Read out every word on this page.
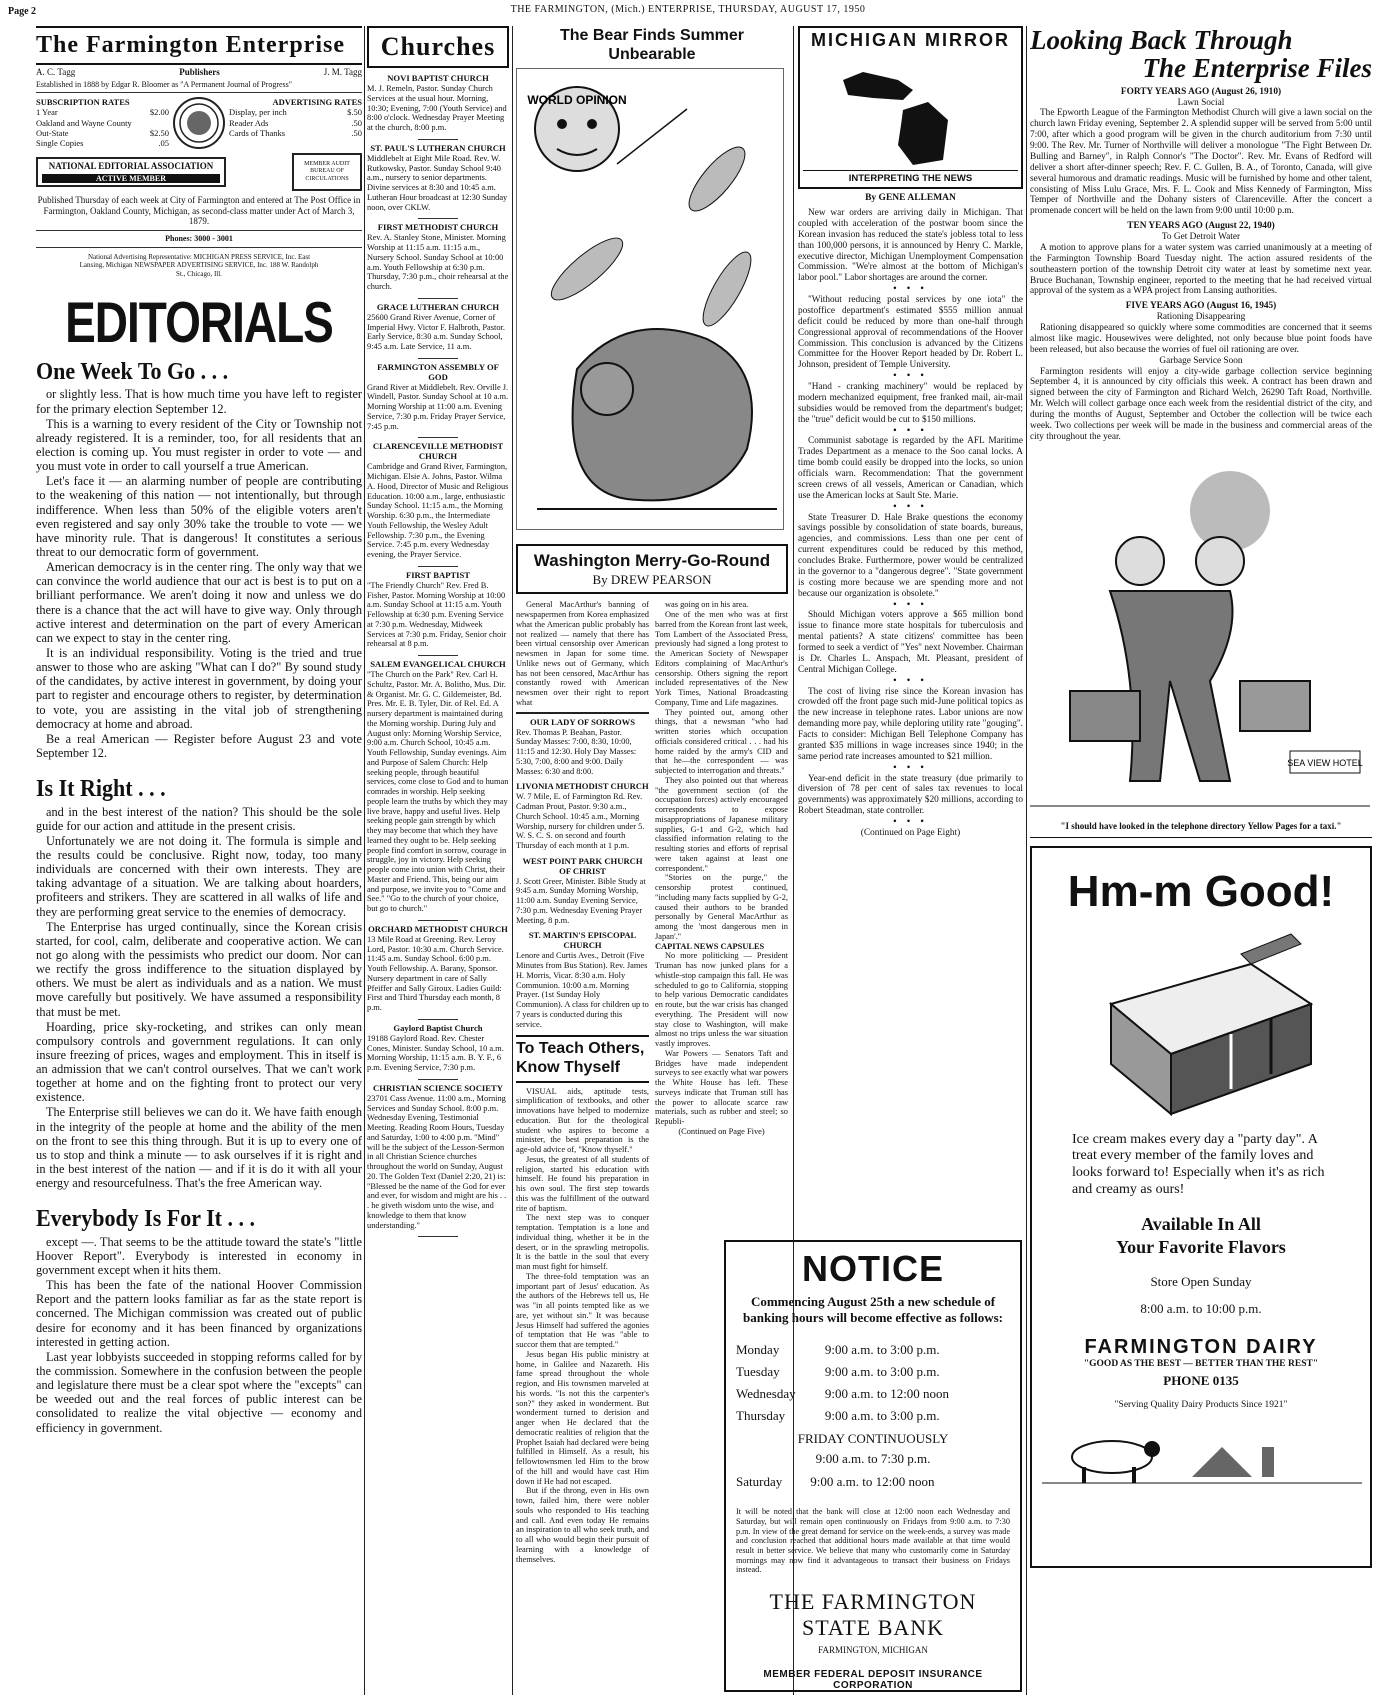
Page 2	THE FARMINGTON, (Mich.) ENTERPRISE, THURSDAY, AUGUST 17, 1950
The Farmington Enterprise
A. C. Tagg	Publishers	J. M. Tagg
Established in 1888 by Edgar R. Bloomer as "A Permanent Journal of Progress"
SUBSCRIPTION RATES
1 Year	$2.00
Oakland and Wayne County
Out-State	$2.50
Single Copies	.05
ADVERTISING RATES
Display, per inch	$.50
Reader Ads	.50
Cards of Thanks	.50
NATIONAL EDITORIAL ASSOCIATION
ACTIVE MEMBER
MEMBER AUDIT BUREAU OF CIRCULATIONS
Published Thursday of each week at City of Farmington and entered at The Post Office in Farmington, Oakland County, Michigan, as second-class matter under Act of March 3, 1879.
Phones: 3000 - 3001
National Advertising Representative: MICHIGAN PRESS SERVICE, Inc. East Lansing, Michigan NEWSPAPER ADVERTISING SERVICE, Inc. 188 W. Randolph St., Chicago, Ill.
EDITORIALS
One Week To Go . . .

or slightly less. That is how much time you have left to register for the primary election September 12.

This is a warning to every resident of the City or Township not already registered. It is a reminder, too, for all residents that an election is coming up. You must register in order to vote — and you must vote in order to call yourself a true American.

Let's face it — an alarming number of people are contributing to the weakening of this nation — not intentionally, but through indifference. When less than 50% of the eligible voters aren't even registered and say only 30% take the trouble to vote — we have minority rule. That is dangerous! It constitutes a serious threat to our democratic form of government.

American democracy is in the center ring. The only way that we can convince the world audience that our act is best is to put on a brilliant performance. We aren't doing it now and unless we do there is a chance that the act will have to give way. Only through active interest and determination on the part of every American can we expect to stay in the center ring.

It is an individual responsibility. Voting is the tried and true answer to those who are asking "What can I do?" By sound study of the candidates, by active interest in government, by doing your part to register and encourage others to register, by determination to vote, you are assisting in the vital job of strengthening democracy at home and abroad.

Be a real American — Register before August 23 and vote September 12.

Is It Right . . .

and in the best interest of the nation? This should be the sole guide for our action and attitude in the present crisis.

Unfortunately we are not doing it. The formula is simple and the results could be conclusive. Right now, today, too many individuals are concerned with their own interests. They are taking advantage of a situation. We are talking about hoarders, profiteers and strikers. They are scattered in all walks of life and they are performing great service to the enemies of democracy.

The Enterprise has urged continually, since the Korean crisis started, for cool, calm, deliberate and cooperative action. We can not go along with the pessimists who predict our doom. Nor can we rectify the gross indifference to the situation displayed by others. We must be alert as individuals and as a nation. We must move carefully but positively. We have assumed a responsibility that must be met.

Hoarding, price sky-rocketing, and strikes can only mean compulsory controls and government regulations. It can only insure freezing of prices, wages and employment. This in itself is an admission that we can't control ourselves. That we can't work together at home and on the fighting front to protect our very existence.

The Enterprise still believes we can do it. We have faith enough in the integrity of the people at home and the ability of the men on the front to see this thing through. But it is up to every one of us to stop and think a minute — to ask ourselves if it is right and in the best interest of the nation — and if it is do it with all your energy and resourcefulness. That's the free American way.

Everybody Is For It . . .

except —. That seems to be the attitude toward the state's "little Hoover Report". Everybody is interested in economy in government except when it hits them.

This has been the fate of the national Hoover Commission Report and the pattern looks familiar as far as the state report is concerned. The Michigan commission was created out of public desire for economy and it has been financed by organizations interested in getting action.

Last year lobbyists succeeded in stopping reforms called for by the commission. Somewhere in the confusion between the people and legislature there must be a clear spot where the "excepts" can be weeded out and the real forces of public interest can be consolidated to realize the vital objective — economy and efficiency in government.

Churches
NOVI BAPTIST CHURCH
M. J. Remeln, Pastor. Sunday Church Services at the usual hour. Morning, 10:30; Evening, 7:00 (Youth Service) and 8:00 o'clock. Wednesday Prayer Meeting at the church, 8:00 p.m.
ST. PAUL'S LUTHERAN CHURCH
Middlebelt at Eight Mile Road. Rev. W. Rutkowsky, Pastor. Sunday School 9:40 a.m., nursery to senior departments. Divine services at 8:30 and 10:45 a.m. Lutheran Hour broadcast at 12:30 Sunday noon, over CKLW.
FIRST METHODIST CHURCH
Rev. A. Stanley Stone, Minister. Morning Worship at 11:15 a.m. 11:15 a.m., Nursery School. Sunday School at 10:00 a.m. Youth Fellowship at 6:30 p.m. Thursday, 7:30 p.m., choir rehearsal at the church.
GRACE LUTHERAN CHURCH
25600 Grand River Avenue, Corner of Imperial Hwy. Victor F. Halbroth, Pastor. Early Service, 8:30 a.m. Sunday School, 9:45 a.m. Late Service, 11 a.m.
FARMINGTON ASSEMBLY OF GOD
Grand River at Middlebelt. Rev. Orville J. Windell, Pastor. Sunday School at 10 a.m. Morning Worship at 11:00 a.m. Evening Service, 7:30 p.m. Friday Prayer Service, 7:45 p.m.
CLARENCEVILLE METHODIST CHURCH
Cambridge and Grand River, Farmington, Michigan. Elsie A. Johns, Pastor. Wilma A. Hood, Director of Music and Religious Education. 10:00 a.m., large, enthusiastic Sunday School. 11:15 a.m., the Morning Worship. 6:30 p.m., the Intermediate Youth Fellowship, the Wesley Adult Fellowship. 7:30 p.m., the Evening Service. 7:45 p.m. every Wednesday evening, the Prayer Service.
FIRST BAPTIST
"The Friendly Church" Rev. Fred B. Fisher, Pastor. Morning Worship at 10:00 a.m. Sunday School at 11:15 a.m. Youth Fellowship at 6:30 p.m. Evening Service at 7:30 p.m. Wednesday, Midweek Services at 7:30 p.m. Friday, Senior choir rehearsal at 8 p.m.
SALEM EVANGELICAL CHURCH
"The Church on the Park" Rev. Carl H. Schultz, Pastor. Mr. A. Bolitho, Mus. Dir. & Organist. Mr. G. C. Gildemeister, Bd. Pres. Mr. E. B. Tyler, Dir. of Rel. Ed. A nursery department is maintained during the Morning worship. During July and August only: Morning Worship Service, 9:00 a.m. Church School, 10:45 a.m. Youth Fellowship, Sunday evenings. Aim and Purpose of Salem Church: Help seeking people, through beautiful services, come close to God and to human comrades in worship. Help seeking people learn the truths by which they may live brave, happy and useful lives. Help seeking people gain strength by which they may become that which they have learned they ought to be. Help seeking people find comfort in sorrow, courage in struggle, joy in victory. Help seeking people come into union with Christ, their Master and Friend. This, being our aim and purpose, we invite you to "Come and See." "Go to the church of your choice, but go to church."
ORCHARD METHODIST CHURCH
13 Mile Road at Greening. Rev. Leroy Lord, Pastor. 10:30 a.m. Church Service. 11:45 a.m. Sunday School. 6:00 p.m. Youth Fellowship. A. Barany, Sponsor. Nursery department in care of Sally Pfeiffer and Sally Giroux. Ladies Guild: First and Third Thursday each month, 8 p.m.
Gaylord Baptist Church
19188 Gaylord Road. Rev. Chester Cones, Minister. Sunday School, 10 a.m. Morning Worship, 11:15 a.m. B. Y. F., 6 p.m. Evening Service, 7:30 p.m.
CHRISTIAN SCIENCE SOCIETY
23701 Cass Avenue. 11:00 a.m., Morning Services and Sunday School. 8:00 p.m. Wednesday Evening, Testimonial Meeting. Reading Room Hours, Tuesday and Saturday, 1:00 to 4:00 p.m. "Mind" will be the subject of the Lesson-Sermon in all Christian Science churches throughout the world on Sunday, August 20. The Golden Text (Daniel 2:20, 21) is: "Blessed be the name of the God for ever and ever, for wisdom and might are his . . . he giveth wisdom unto the wise, and knowledge to them that know understanding."
The Bear Finds Summer Unbearable
WORLD OPINION
Washington Merry-Go-Round
By DREW PEARSON

General MacArthur's banning of newspapermen from Korea emphasized what the American public probably has not realized — namely that there has been virtual censorship over American newsmen in Japan for some time. Unlike news out of Germany, which has not been censored, MacArthur has constantly rowed with American newsmen over their right to report what

OUR LADY OF SORROWS
Rev. Thomas P. Beahan, Pastor. Sunday Masses: 7:00, 8:30, 10:00, 11:15 and 12:30. Holy Day Masses: 5:30, 7:00, 8:00 and 9:00. Daily Masses: 6:30 and 8:00.
LIVONIA METHODIST CHURCH
W. 7 Mile, E. of Farmington Rd. Rev. Cadman Prout, Pastor. 9:30 a.m., Church School. 10:45 a.m., Morning Worship, nursery for children under 5. W. S. C. S. on second and fourth Thursday of each month at 1 p.m.
WEST POINT PARK CHURCH OF CHRIST
J. Scott Greer, Minister. Bible Study at 9:45 a.m. Sunday Morning Worship, 11:00 a.m. Sunday Evening Service, 7:30 p.m. Wednesday Evening Prayer Meeting, 8 p.m.
ST. MARTIN'S EPISCOPAL CHURCH
Lenore and Curtis Aves., Detroit (Five Minutes from Bus Station). Rev. James H. Morris, Vicar. 8:30 a.m. Holy Communion. 10:00 a.m. Morning Prayer. (1st Sunday Holy Communion). A class for children up to 7 years is conducted during this service.
To Teach Others, Know Thyself

VISUAL aids, aptitude tests, simplification of textbooks, and other innovations have helped to modernize education. But for the theological student who aspires to become a minister, the best preparation is the age-old advice of, "Know thyself."

Jesus, the greatest of all students of religion, started his education with himself. He found his preparation in his own soul. The first step towards this was the fulfillment of the outward rite of baptism.

The next step was to conquer temptation. Temptation is a lone and individual thing, whether it be in the desert, or in the sprawling metropolis. It is the battle in the soul that every man must fight for himself.

The three-fold temptation was an important part of Jesus' education. As the authors of the Hebrews tell us, He was "in all points tempted like as we are, yet without sin." It was because Jesus Himself had suffered the agonies of temptation that He was "able to succor them that are tempted."

Jesus began His public ministry at home, in Galilee and Nazareth. His fame spread throughout the whole region, and His townsmen marveled at his words. "Is not this the carpenter's son?" they asked in wonderment. But wonderment turned to derision and anger when He declared that the democratic realities of religion that the Prophet Isaiah had declared were being fulfilled in Himself. As a result, his fellowtownsmen led Him to the brow of the hill and would have cast Him down if He had not escaped.

But if the throng, even in His own town, failed him, there were nobler souls who responded to His teaching and call. And even today He remains an inspiration to all who seek truth, and to all who would begin their pursuit of learning with a knowledge of themselves.

was going on in his area.

One of the men who was at first barred from the Korean front last week, Tom Lambert of the Associated Press, previously had signed a long protest to the American Society of Newspaper Editors complaining of MacArthur's censorship. Others signing the report included representatives of the New York Times, National Broadcasting Company, Time and Life magazines.

They pointed out, among other things, that a newsman "who had written stories which occupation officials considered critical . . . had his home raided by the army's CID and that he—the correspondent — was subjected to interrogation and threats."

They also pointed out that whereas "the government section (of the occupation forces) actively encouraged correspondents to expose misappropriations of Japanese military supplies, G-1 and G-2, which had classified information relating to the resulting stories and efforts of reprisal were taken against at least one correspondent."

"Stories on the purge," the censorship protest continued, "including many facts supplied by G-2, caused their authors to be branded personally by General MacArthur as among the 'most dangerous men in Japan'."

CAPITAL NEWS CAPSULES

No more politicking — President Truman has now junked plans for a whistle-stop campaign this fall. He was scheduled to go to California, stopping to help various Democratic candidates en route, but the war crisis has changed everything. The President will now stay close to Washington, will make almost no trips unless the war situation vastly improves.

War Powers — Senators Taft and Bridges have made independent surveys to see exactly what war powers the White House has left. These surveys indicate that Truman still has the power to allocate scarce raw materials, such as rubber and steel; so Republi-

(Continued on Page Five)
MICHIGAN MIRROR
INTERPRETING THE NEWS
By GENE ALLEMAN

New war orders are arriving daily in Michigan. That coupled with acceleration of the postwar boom since the Korean invasion has reduced the state's jobless total to less than 100,000 persons, it is announced by Henry C. Markle, executive director, Michigan Unemployment Compensation Commission. "We're almost at the bottom of Michigan's labor pool." Labor shortages are around the corner.

• • •

"Without reducing postal services by one iota" the postoffice department's estimated $555 million annual deficit could be reduced by more than one-half through Congressional approval of recommendations of the Hoover Commission. This conclusion is advanced by the Citizens Committee for the Hoover Report headed by Dr. Robert L. Johnson, president of Temple University.

• • •

"Hand - cranking machinery" would be replaced by modern mechanized equipment, free franked mail, air-mail subsidies would be removed from the department's budget; the "true" deficit would be cut to $150 millions.

• • •

Communist sabotage is regarded by the AFL Maritime Trades Department as a menace to the Soo canal locks. A time bomb could easily be dropped into the locks, so union officials warn. Recommendation: That the government screen crews of all vessels, American or Canadian, which use the American locks at Sault Ste. Marie.

• • •

State Treasurer D. Hale Brake questions the economy savings possible by consolidation of state boards, bureaus, agencies, and commissions. Less than one per cent of current expenditures could be reduced by this method, concludes Brake. Furthermore, power would be centralized in the governor to a "dangerous degree". "State government is costing more because we are spending more and not because our organization is obsolete."

• • •

Should Michigan voters approve a $65 million bond issue to finance more state hospitals for tuberculosis and mental patients? A state citizens' committee has been formed to seek a verdict of "Yes" next November. Chairman is Dr. Charles L. Anspach, Mt. Pleasant, president of Central Michigan College.

• • •

The cost of living rise since the Korean invasion has crowded off the front page such mid-June political topics as the new increase in telephone rates. Labor unions are now demanding more pay, while deploring utility rate "gouging". Facts to consider: Michigan Bell Telephone Company has granted $35 millions in wage increases since 1940; in the same period rate increases amounted to $21 million.

• • •

Year-end deficit in the state treasury (due primarily to diversion of 78 per cent of sales tax revenues to local governments) was approximately $20 millions, according to Robert Steadman, state controller.

• • •
(Continued on Page Eight)
NOTICE
Commencing August 25th a new schedule of banking hours will become effective as follows:
Monday	9:00 a.m. to 3:00 p.m.
Tuesday	9:00 a.m. to 3:00 p.m.
Wednesday	9:00 a.m. to 12:00 noon
Thursday	9:00 a.m. to 3:00 p.m.
FRIDAY CONTINUOUSLY
9:00 a.m. to 7:30 p.m.
Saturday	9:00 a.m. to 12:00 noon
It will be noted that the bank will close at 12:00 noon each Wednesday and Saturday, but will remain open continuously on Fridays from 9:00 a.m. to 7:30 p.m. In view of the great demand for service on the week-ends, a survey was made and conclusion reached that additional hours made available at that time would result in better service. We believe that many who customarily come in Saturday mornings may now find it advantageous to transact their business on Fridays instead.
THE FARMINGTON STATE BANK
FARMINGTON, MICHIGAN
MEMBER FEDERAL DEPOSIT INSURANCE CORPORATION
Looking Back Through
The Enterprise Files
FORTY YEARS AGO (August 26, 1910)
Lawn Social

The Epworth League of the Farmington Methodist Church will give a lawn social on the church lawn Friday evening, September 2. A splendid supper will be served from 5:00 until 7:00, after which a good program will be given in the church auditorium from 7:30 until 9:00. The Rev. Mr. Turner of Northville will deliver a monologue "The Fight Between Dr. Bulling and Barney", in Ralph Connor's "The Doctor". Rev. Mr. Evans of Redford will deliver a short after-dinner speech; Rev. F. C. Gullen, B. A., of Toronto, Canada, will give several humorous and dramatic readings. Music will be furnished by home and other talent, consisting of Miss Lulu Grace, Mrs. F. L. Cook and Miss Kennedy of Farmington, Miss Temper of Northville and the Dohany sisters of Clarenceville. After the concert a promenade concert will be held on the lawn from 9:00 until 10:00 p.m.

TEN YEARS AGO (August 22, 1940)
To Get Detroit Water

A motion to approve plans for a water system was carried unanimously at a meeting of the Farmington Township Board Tuesday night. The action assured residents of the southeastern portion of the township Detroit city water at least by sometime next year. Bruce Buchanan, Township engineer, reported to the meeting that he had received virtual approval of the system as a WPA project from Lansing authorities.

FIVE YEARS AGO (August 16, 1945)
Rationing Disappearing

Rationing disappeared so quickly where some commodities are concerned that it seems almost like magic. Housewives were delighted, not only because blue point foods have been released, but also because the worries of fuel oil rationing are over.

Garbage Service Soon

Farmington residents will enjoy a city-wide garbage collection service beginning September 4, it is announced by city officials this week. A contract has been drawn and signed between the city of Farmington and Richard Welch, 26290 Taft Road, Northville. Mr. Welch will collect garbage once each week from the residential district of the city, and during the months of August, September and October the collection will be twice each week. Two collections per week will be made in the business and commercial areas of the city throughout the year.

SEA VIEW HOTEL
"I should have looked in the telephone directory Yellow Pages for a taxi."
Hm-m Good!
Ice cream makes every day a "party day". A treat every member of the family loves and looks forward to! Especially when it's as rich and creamy as ours!
Available In All
Your Favorite Flavors
Store Open Sunday
8:00 a.m. to 10:00 p.m.
FARMINGTON DAIRY
"GOOD AS THE BEST — BETTER THAN THE REST"
PHONE 0135
"Serving Quality Dairy Products Since 1921"
